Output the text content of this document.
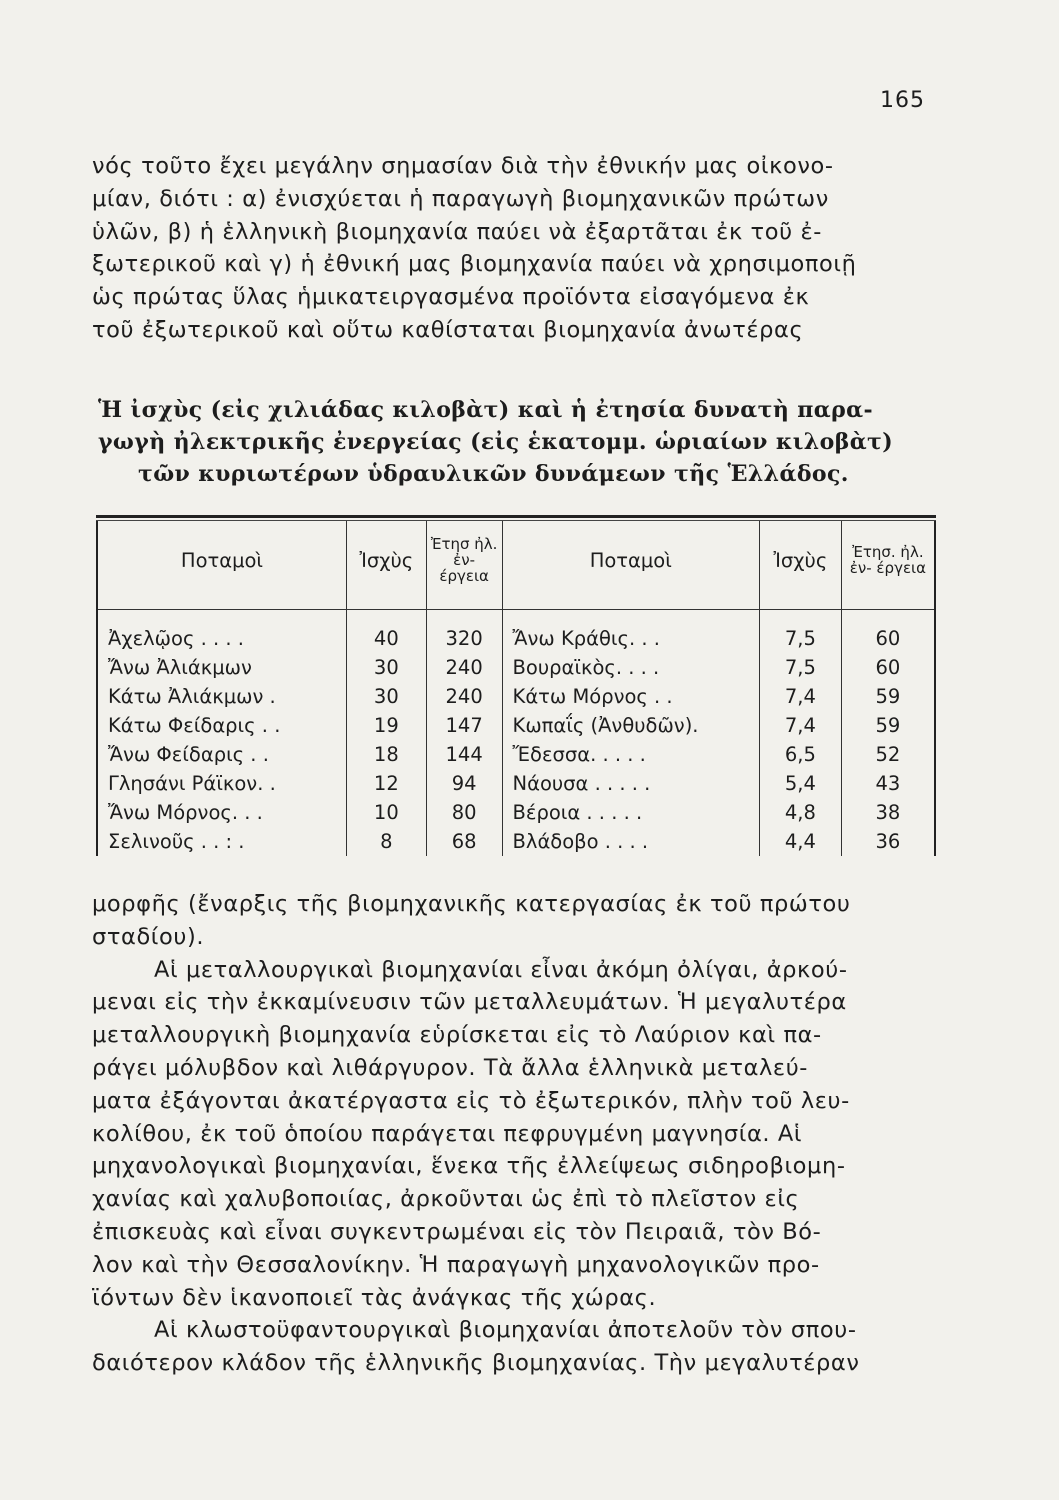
165
νός τοῦτο ἔχει μεγάλην σημασίαν διὰ τὴν ἐθνικήν μας οἰκονο-
μίαν, διότι : α) ἐνισχύεται ἡ παραγωγὴ βιομηχανικῶν πρώτων
ὑλῶν, β) ἡ ἑλληνικὴ βιομηχανία παύει νὰ ἐξαρτᾶται ἐκ τοῦ ἐ-
ξωτερικοῦ καὶ γ) ἡ ἐθνική μας βιομηχανία παύει νὰ χρησιμοποιῇ
ὡς πρώτας ὕλας ἡμικατειργασμένα προϊόντα εἰσαγόμενα ἐκ
τοῦ ἐξωτερικοῦ καὶ οὕτω καθίσταται βιομηχανία ἀνωτέρας
Ἡ ἰσχὺς (εἰς χιλιάδας κιλοβὰτ) καὶ ἡ ἐτησία δυνατὴ παρα-
γωγὴ ἠλεκτρικῆς ἐνεργείας (εἰς ἑκατομμ. ὡριαίων κιλοβὰτ)
τῶν κυριωτέρων ὑδραυλικῶν δυνάμεων τῆς Ἑλλάδος.
Ποταμοὶ	Ἰσχὺς	Ἐτησ ἠλ. ἐν- έργεια	Ποταμοὶ	Ἰσχὺς	Ἐτησ. ἠλ. ἐν- έργεια

Ἀχελῷος . . . .	40	320	Ἄνω Κράθις. . .	7,5	60
Ἄνω Ἀλιάκμων	30	240	Βουραϊκὸς. . . .	7,5	60
Κάτω Ἀλιάκμων .	30	240	Κάτω Μόρνος . .	7,4	59
Κάτω Φείδαρις . .	19	147	Κωπαΐς (Ἀνθυδῶν).	7,4	59
Ἄνω Φείδαρις . .	18	144	Ἔδεσσα. . . . .	6,5	52
Γλησάνι Ράϊκον. .	12	94	Νάουσα . . . . .	5,4	43
Ἄνω Μόρνος. . .	10	80	Βέροια . . . . .	4,8	38
Σελινοῦς . . : .	8	68	Βλάδοβο . . . .	4,4	36
μορφῆς (ἔναρξις τῆς βιομηχανικῆς κατεργασίας ἐκ τοῦ πρώτου
σταδίου).
Αἱ μεταλλουργικαὶ βιομηχανίαι εἶναι ἀκόμη ὀλίγαι, ἀρκού-
μεναι εἰς τὴν ἐκκαμίνευσιν τῶν μεταλλευμάτων. Ἡ μεγαλυτέρα
μεταλλουργικὴ βιομηχανία εὑρίσκεται εἰς τὸ Λαύριον καὶ πα-
ράγει μόλυβδον καὶ λιθάργυρον. Τὰ ἄλλα ἑλληνικὰ μεταλεύ-
ματα ἐξάγονται ἀκατέργαστα εἰς τὸ ἐξωτερικόν, πλὴν τοῦ λευ-
κολίθου, ἐκ τοῦ ὁποίου παράγεται πεφρυγμένη μαγνησία. Αἱ
μηχανολογικαὶ βιομηχανίαι, ἕνεκα τῆς ἐλλείψεως σιδηροβιομη-
χανίας καὶ χαλυβοποιίας, ἀρκοῦνται ὡς ἐπὶ τὸ πλεῖστον εἰς
ἐπισκευὰς καὶ εἶναι συγκεντρωμέναι εἰς τὸν Πειραιᾶ, τὸν Βό-
λον καὶ τὴν Θεσσαλονίκην. Ἡ παραγωγὴ μηχανολογικῶν προ-
ϊόντων δὲν ἱκανοποιεῖ τὰς ἀνάγκας τῆς χώρας.
Αἱ κλωστοϋφαντουργικαὶ βιομηχανίαι ἀποτελοῦν τὸν σπου-
δαιότερον κλάδον τῆς ἑλληνικῆς βιομηχανίας. Τὴν μεγαλυτέραν
